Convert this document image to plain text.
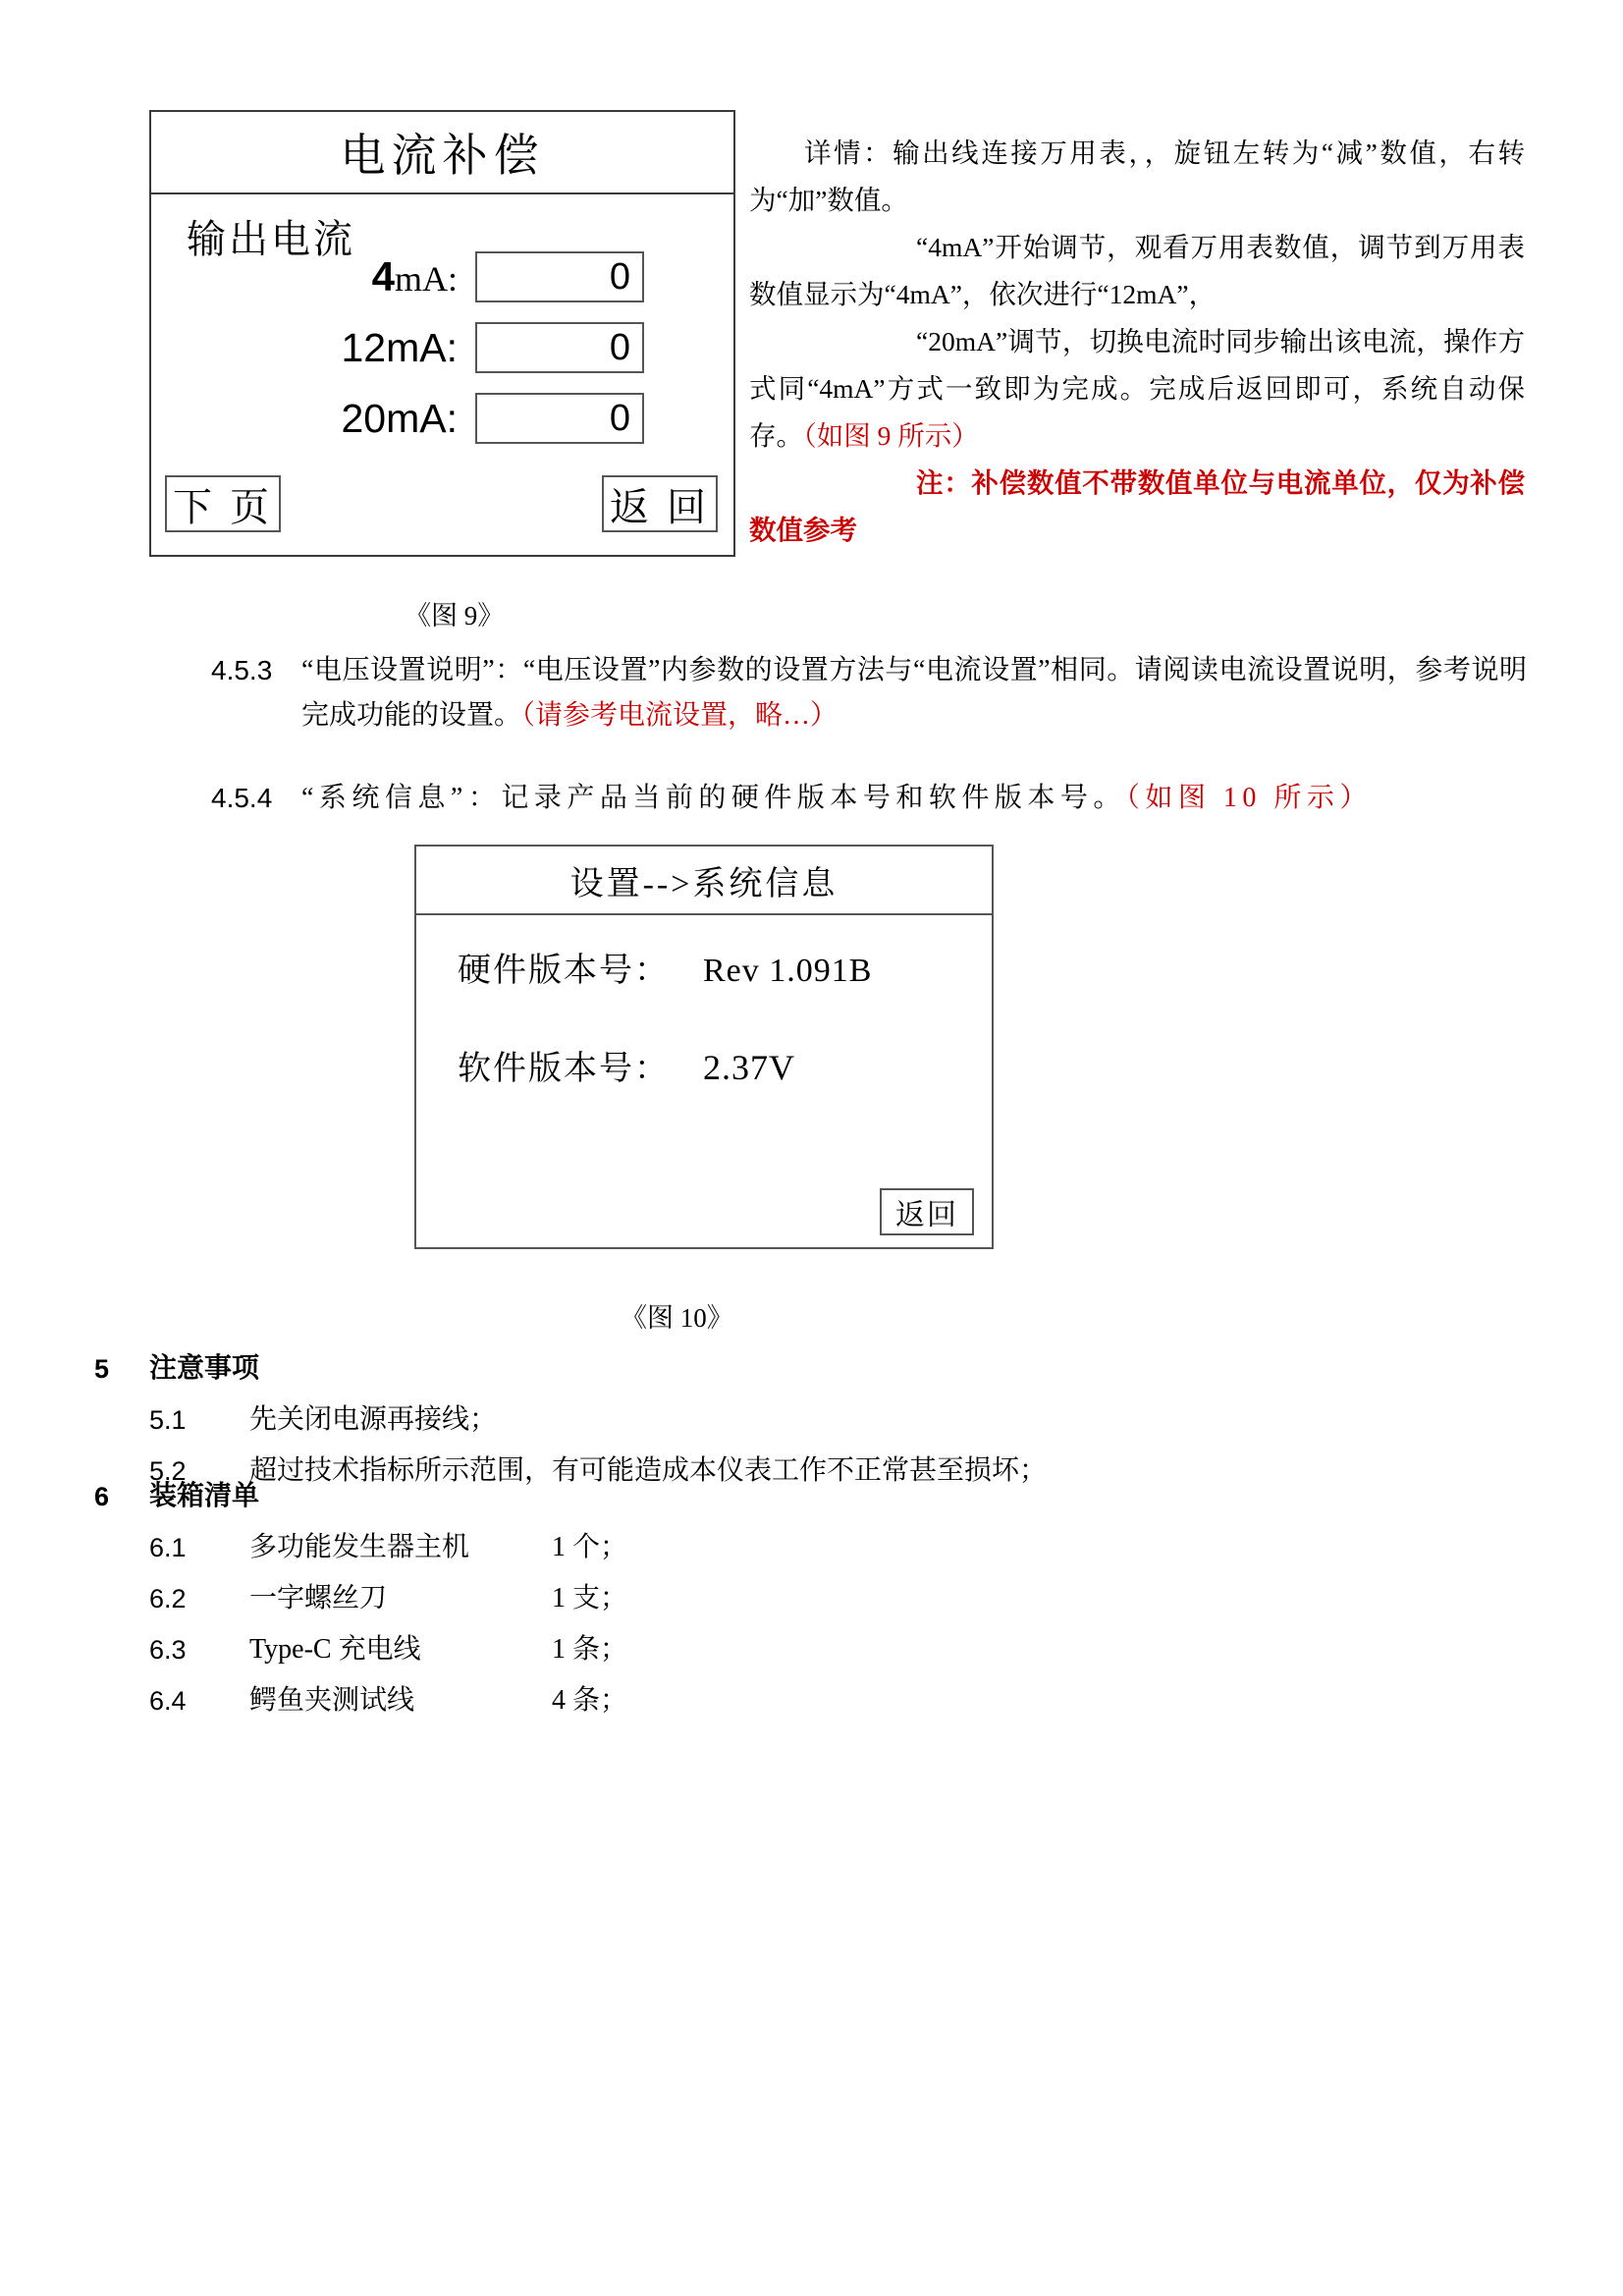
电流补偿
输出电流
4mA:	0
12mA:	0
20mA:	0
下 页	返 回

详情：输出线连接万用表，，旋钮左转为“减”数值，右转为“加”数值。

“4mA”开始调节，观看万用表数值，调节到万用表数值显示为“4mA”，依次进行“12mA”，

“20mA”调节，切换电流时同步输出该电流，操作方式同“4mA”方式一致即为完成。完成后返回即可，系统自动保存。（如图 9 所示）

注：补偿数值不带数值单位与电流单位，仅为补偿数值参考

《图 9》
4.5.3 “电压设置说明”：“电压设置”内参数的设置方法与“电流设置”相同。请阅读电流设置说明，参考说明完成功能的设置。（请参考电流设置，略…）
4.5.4 “系统信息”：记录产品当前的硬件版本号和软件版本号。（如图 10 所示）
设置-->系统信息
硬件版本号： Rev 1.091B
软件版本号： 2.37V
返回
《图 10》
5 注意事项
5.1 先关闭电源再接线；
5.2 超过技术指标所示范围，有可能造成本仪表工作不正常甚至损坏；
6 装箱清单
6.1 多功能发生器主机	1 个；
6.2 一字螺丝刀	1 支；
6.3 Type-C 充电线	1 条；
6.4 鳄鱼夹测试线	4 条；
